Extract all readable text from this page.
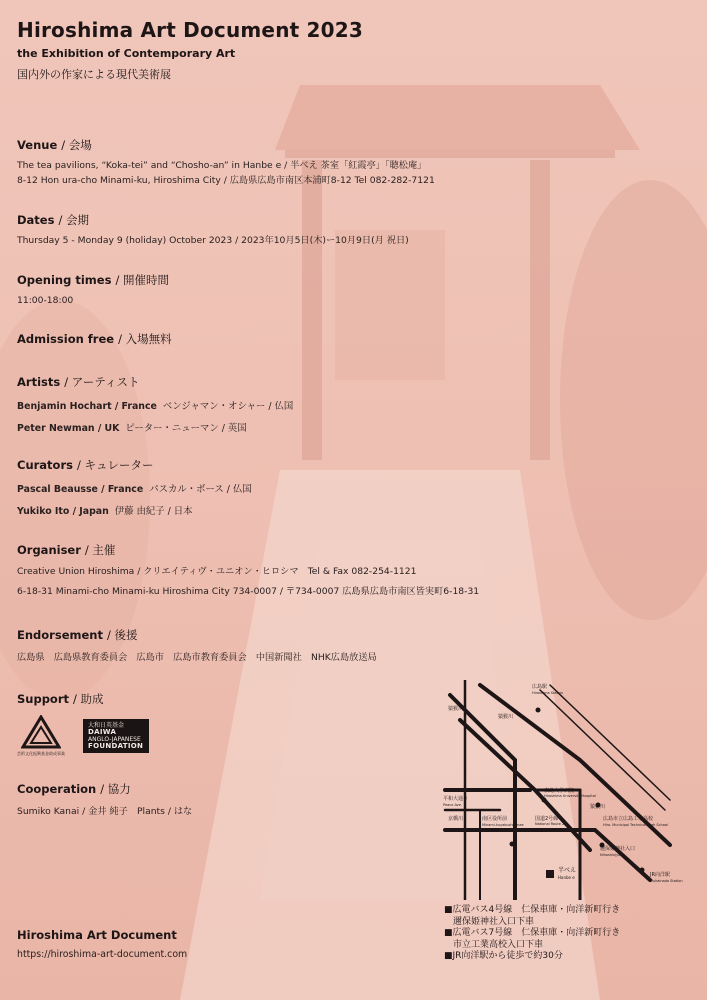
Hiroshima Art Document 2023
the Exhibition of Contemporary Art
国内外の作家による現代美術展
Venue / 会場
The tea pavilions, “Koka-tei” and “Chosho-an” in Hanbe e / 半べえ 茶室「紅霞亭」「聴松庵」
8-12 Hon ura-cho Minami-ku, Hiroshima City / 広島県広島市南区本浦町8-12 Tel 082-282-7121
Dates / 会期
Thursday 5 - Monday 9 (holiday) October 2023 / 2023年10月5日(木)ー10月9日(月 祝日)
Opening times / 開催時間
11:00-18:00
Admission free / 入場無料
Artists / アーティスト
Benjamin Hochart / France ベンジャマン・オシャー / 仏国
Peter Newman / UK ピーター・ニューマン / 英国
Curators / キュレーター
Pascal Beausse / France パスカル・ボース / 仏国
Yukiko Ito / Japan 伊藤 由紀子 / 日本
Organiser / 主催
Creative Union Hiroshima / クリエイティヴ・ユニオン・ヒロシマ　Tel & Fax 082-254-1121
6-18-31 Minami-cho Minami-ku Hiroshima City 734-0007 / 〒734-0007 広島県広島市南区皆実町6-18-31
Endorsement / 後援
広島県　広島県教育委員会　広島市　広島市教育委員会　中国新聞社　NHK広島放送局
Support / 助成
芸術文化振興基金助成事業
大和日英基金
DAIWA
ANGLO-JAPANESE
FOUNDATION
Cooperation / 協力
Sumiko Kanai / 金井 純子　Plants / はな
広島駅
Hiroshima Station
広島大学病院
Hiroshima University Hospital
国道2号線
National Route 2
南区役所前
Minami-kuyakusho-mae
広島市立広島工業高校
Hiro. Municipal Technical High School
邇保姫神社入口
Nihoshinjyagu
半べえ
Hanbe e	JR向洋駅
Mukainada Station
平和大通り
Peace Ave.
猿猴川
京橋川
猿猴川
猿猴川
■広電バス4号線　仁保車庫・向洋新町行き
邇保姫神社入口下車
■広電バス7号線　仁保車庫・向洋新町行き
市立工業高校入口下車
■JR向洋駅から徒歩で約30分
Hiroshima Art Document
https://hiroshima-art-document.com
